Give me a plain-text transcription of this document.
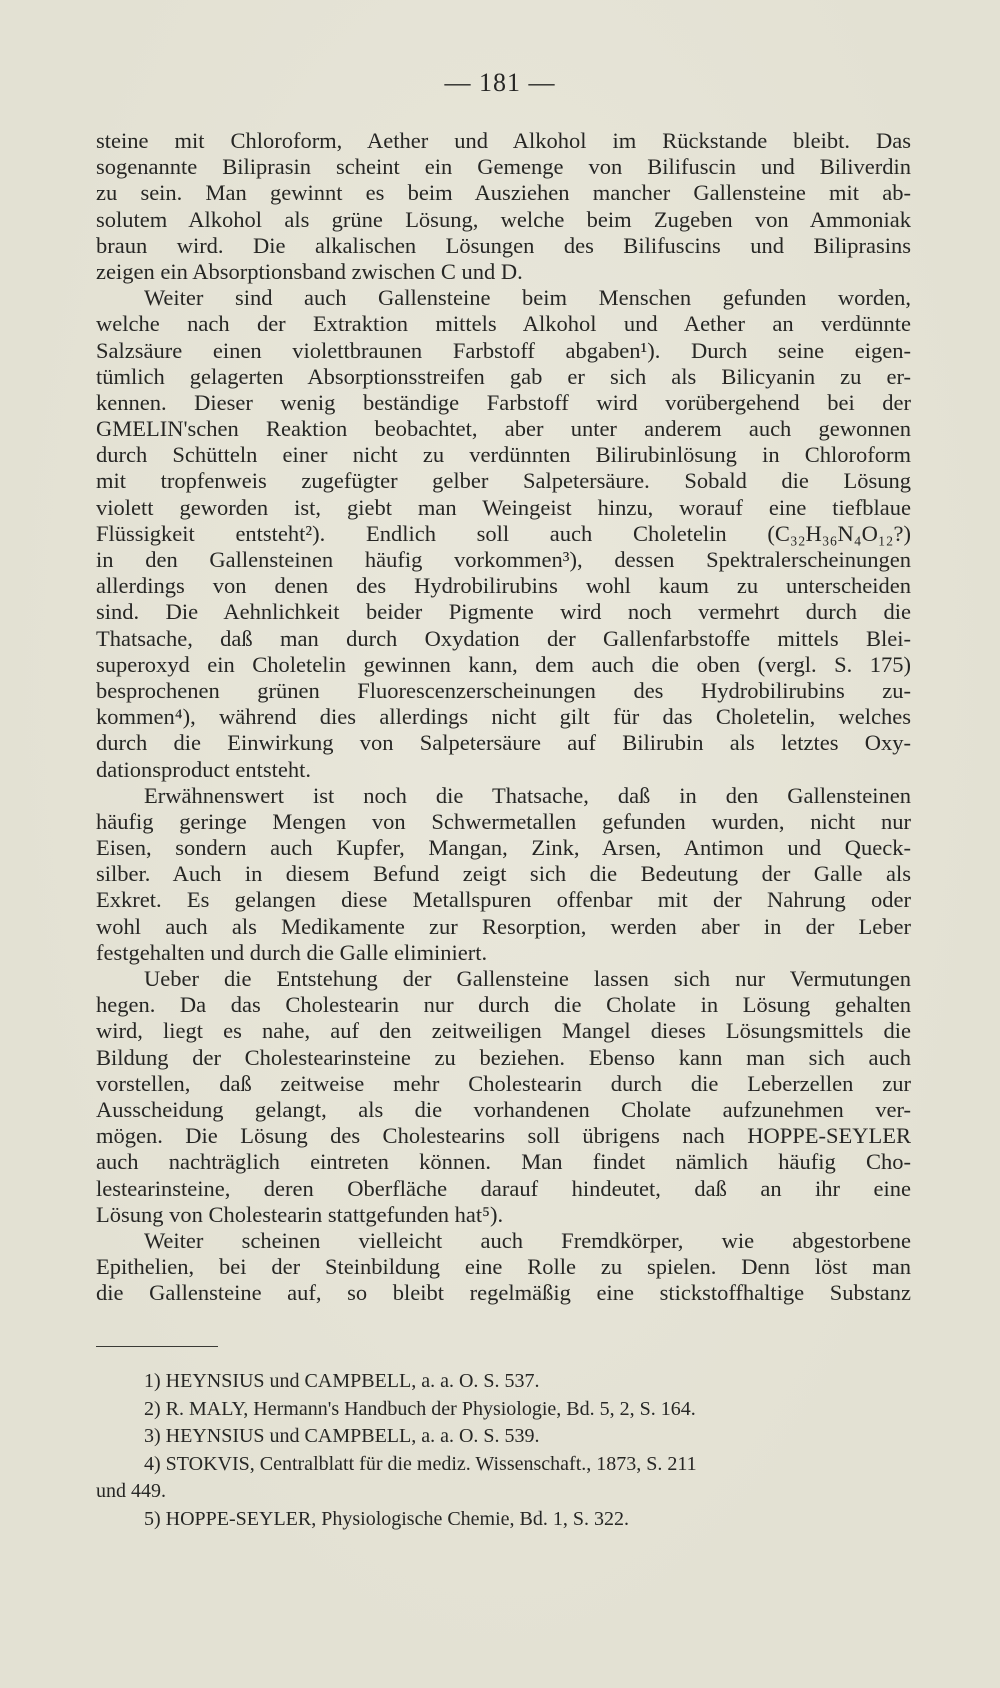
— 181 —
steine mit Chloroform, Aether und Alkohol im Rückstande bleibt. Das
sogenannte Biliprasin scheint ein Gemenge von Bilifuscin und Biliverdin
zu sein. Man gewinnt es beim Ausziehen mancher Gallensteine mit ab-
solutem Alkohol als grüne Lösung, welche beim Zugeben von Ammoniak
braun wird. Die alkalischen Lösungen des Bilifuscins und Biliprasins
zeigen ein Absorptionsband zwischen C und D.
Weiter sind auch Gallensteine beim Menschen gefunden worden,
welche nach der Extraktion mittels Alkohol und Aether an verdünnte
Salzsäure einen violettbraunen Farbstoff abgaben¹). Durch seine eigen-
tümlich gelagerten Absorptionsstreifen gab er sich als Bilicyanin zu er-
kennen. Dieser wenig beständige Farbstoff wird vorübergehend bei der
GMELIN'schen Reaktion beobachtet, aber unter anderem auch gewonnen
durch Schütteln einer nicht zu verdünnten Bilirubinlösung in Chloroform
mit tropfenweis zugefügter gelber Salpetersäure. Sobald die Lösung
violett geworden ist, giebt man Weingeist hinzu, worauf eine tiefblaue
Flüssigkeit entsteht²). Endlich soll auch Choletelin (C₃₂H₃₆N₄O₁₂?)
in den Gallensteinen häufig vorkommen³), dessen Spektralerscheinungen
allerdings von denen des Hydrobilirubins wohl kaum zu unterscheiden
sind. Die Aehnlichkeit beider Pigmente wird noch vermehrt durch die
Thatsache, daß man durch Oxydation der Gallenfarbstoffe mittels Blei-
superoxyd ein Choletelin gewinnen kann, dem auch die oben (vergl. S. 175)
besprochenen grünen Fluorescenzerscheinungen des Hydrobilirubins zu-
kommen⁴), während dies allerdings nicht gilt für das Choletelin, welches
durch die Einwirkung von Salpetersäure auf Bilirubin als letztes Oxy-
dationsproduct entsteht.
Erwähnenswert ist noch die Thatsache, daß in den Gallensteinen
häufig geringe Mengen von Schwermetallen gefunden wurden, nicht nur
Eisen, sondern auch Kupfer, Mangan, Zink, Arsen, Antimon und Queck-
silber. Auch in diesem Befund zeigt sich die Bedeutung der Galle als
Exkret. Es gelangen diese Metallspuren offenbar mit der Nahrung oder
wohl auch als Medikamente zur Resorption, werden aber in der Leber
festgehalten und durch die Galle eliminiert.
Ueber die Entstehung der Gallensteine lassen sich nur Vermutungen
hegen. Da das Cholestearin nur durch die Cholate in Lösung gehalten
wird, liegt es nahe, auf den zeitweiligen Mangel dieses Lösungsmittels die
Bildung der Cholestearinsteine zu beziehen. Ebenso kann man sich auch
vorstellen, daß zeitweise mehr Cholestearin durch die Leberzellen zur
Ausscheidung gelangt, als die vorhandenen Cholate aufzunehmen ver-
mögen. Die Lösung des Cholestearins soll übrigens nach HOPPE-SEYLER
auch nachträglich eintreten können. Man findet nämlich häufig Cho-
lestearinsteine, deren Oberfläche darauf hindeutet, daß an ihr eine
Lösung von Cholestearin stattgefunden hat⁵).
Weiter scheinen vielleicht auch Fremdkörper, wie abgestorbene
Epithelien, bei der Steinbildung eine Rolle zu spielen. Denn löst man
die Gallensteine auf, so bleibt regelmäßig eine stickstoffhaltige Substanz
1) HEYNSIUS und CAMPBELL, a. a. O. S. 537.
2) R. MALY, Hermann's Handbuch der Physiologie, Bd. 5, 2, S. 164.
3) HEYNSIUS und CAMPBELL, a. a. O. S. 539.
4) STOKVIS, Centralblatt für die mediz. Wissenschaft., 1873, S. 211
und 449.
5) HOPPE-SEYLER, Physiologische Chemie, Bd. 1, S. 322.
